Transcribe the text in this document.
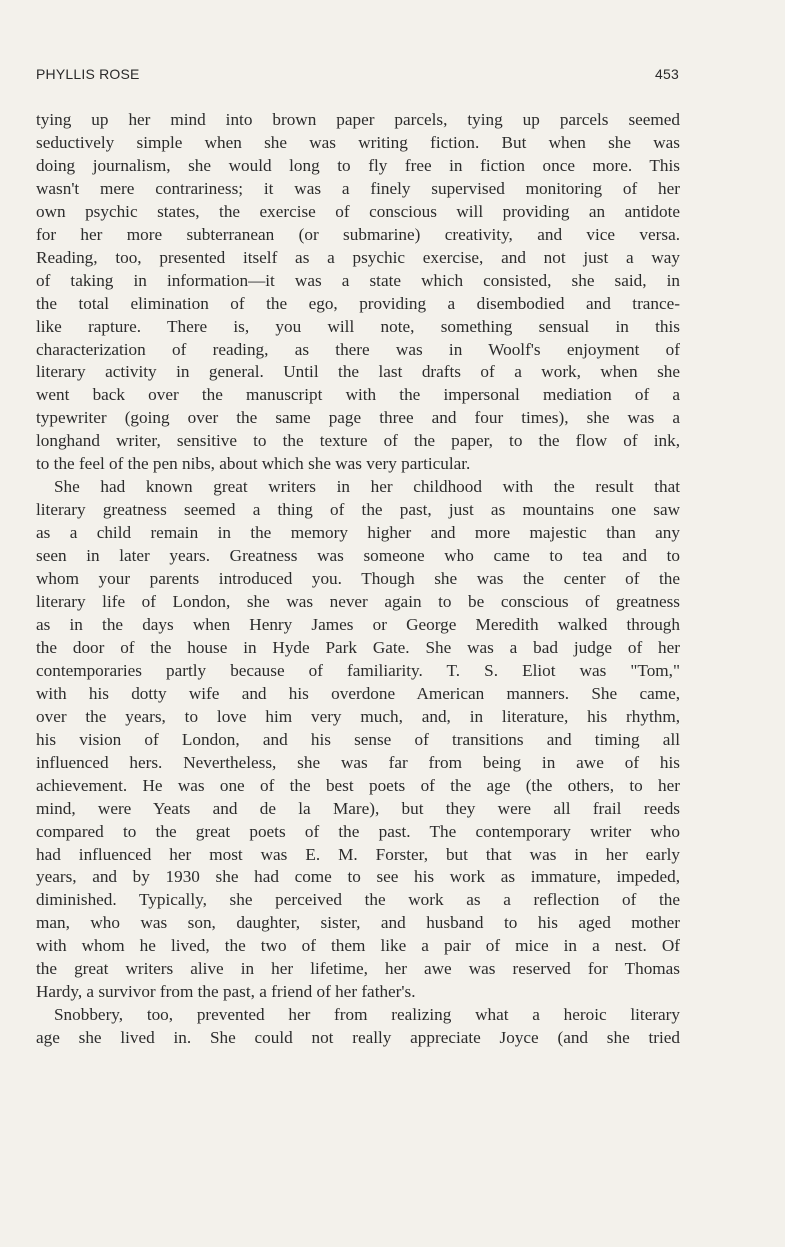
PHYLLIS ROSE	453

tying up her mind into brown paper parcels, tying up parcels seemed
seductively simple when she was writing fiction. But when she was
doing journalism, she would long to fly free in fiction once more. This
wasn't mere contrariness; it was a finely supervised monitoring of her
own psychic states, the exercise of conscious will providing an antidote
for her more subterranean (or submarine) creativity, and vice versa.
Reading, too, presented itself as a psychic exercise, and not just a way
of taking in information—it was a state which consisted, she said, in
the total elimination of the ego, providing a disembodied and trance-
like rapture. There is, you will note, something sensual in this
characterization of reading, as there was in Woolf's enjoyment of
literary activity in general. Until the last drafts of a work, when she
went back over the manuscript with the impersonal mediation of a
typewriter (going over the same page three and four times), she was a
longhand writer, sensitive to the texture of the paper, to the flow of ink,
to the feel of the pen nibs, about which she was very particular.

She had known great writers in her childhood with the result that
literary greatness seemed a thing of the past, just as mountains one saw
as a child remain in the memory higher and more majestic than any
seen in later years. Greatness was someone who came to tea and to
whom your parents introduced you. Though she was the center of the
literary life of London, she was never again to be conscious of greatness
as in the days when Henry James or George Meredith walked through
the door of the house in Hyde Park Gate. She was a bad judge of her
contemporaries partly because of familiarity. T. S. Eliot was "Tom,"
with his dotty wife and his overdone American manners. She came,
over the years, to love him very much, and, in literature, his rhythm,
his vision of London, and his sense of transitions and timing all
influenced hers. Nevertheless, she was far from being in awe of his
achievement. He was one of the best poets of the age (the others, to her
mind, were Yeats and de la Mare), but they were all frail reeds
compared to the great poets of the past. The contemporary writer who
had influenced her most was E. M. Forster, but that was in her early
years, and by 1930 she had come to see his work as immature, impeded,
diminished. Typically, she perceived the work as a reflection of the
man, who was son, daughter, sister, and husband to his aged mother
with whom he lived, the two of them like a pair of mice in a nest. Of
the great writers alive in her lifetime, her awe was reserved for Thomas
Hardy, a survivor from the past, a friend of her father's.

Snobbery, too, prevented her from realizing what a heroic literary
age she lived in. She could not really appreciate Joyce (and she tried
